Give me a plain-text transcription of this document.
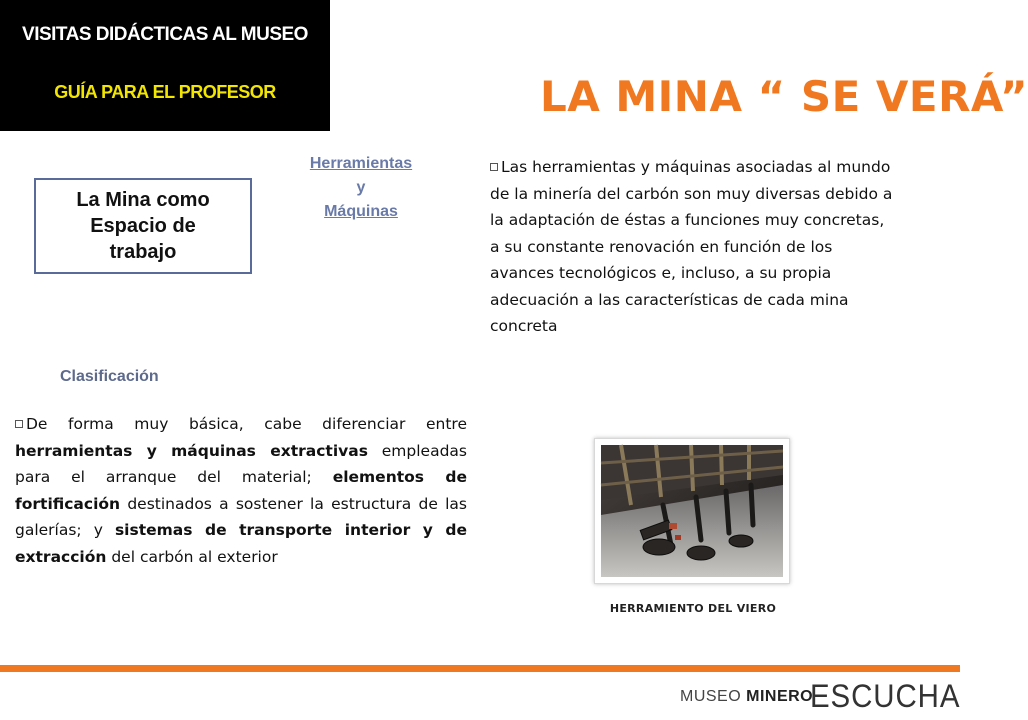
VISITAS DIDÁCTICAS AL MUSEO
GUÍA PARA EL PROFESOR	LA MINA “ SE VERÁ”
La Mina como
Espacio de
trabajo
Herramientas
y
Máquinas
Las herramientas y máquinas asociadas al mundo de la minería del carbón son muy diversas debido a la adaptación de éstas a funciones muy concretas, a su constante renovación en función de los avances tecnológicos e, incluso, a su propia adecuación a las características de cada mina concreta
Clasificación
De forma muy básica, cabe diferenciar entre herramientas y máquinas extractivas empleadas para el arranque del material; elementos de fortificación destinados a sostener la estructura de las galerías; y sistemas de transporte interior y de extracción del carbón al exterior
HERRAMIENTO DEL VIERO
MUSEO MINERO
ESCUCHA
